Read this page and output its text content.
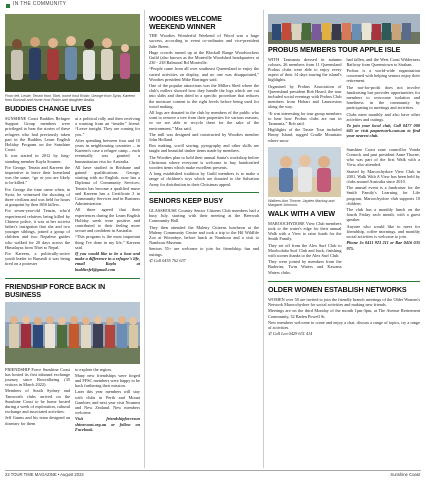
IN THE COMMUNITY
From left, Leslie, Tenzin from Tibet, home host Robin, George from Syria, Kareem from Burundi and home host Robin and daughter Analia.
BUDDIES CHANGE LIVES

SUNSHINE Coast Buddies Refugee Support Group members were privileged to hear the stories of these refugees who had previously taken part in the Buddies Learn English Holiday Program on the Sunshine Coast.

It was started in 2012 by long-standing member Kayla Sourner.

For George, Tenzin and Kareem the imperative to leave their homeland was the same, “go or you are likely to be killed.”

For George the time came when, in Syria, he witnessed the shooting of three civilians and was held for hours at gunpoint by then ISIS killers.

For seven-year-old Tenzin, who'd experienced relatives being killed by Chinese police, it was at her activist father's instigation that she and two younger siblings, joined a group of children and two Nepalese guides who walked for 20 days across the Himalayas from Tibet to Nepal.

For Kareem, a politically-active youth leader in Burundi it was being tired on a protester

at a political rally and then receiving a warning from an “insider” friend: “Leave tonight. They are coming for you.”

After spending between four and 10 years in neighbouring countries – in Kareem's case a refugee camp – each eventually was granted a humanitarian visa for Australia.

All have studied in Brisbane and gained qualifications. George, starting with no English, now has a Diploma of Community Services; Tenzin has become a qualified nurse and Kareem has a Certificate 3 in Community Services and in Business Administration.

All three agreed that their experiences during the Learn English Holiday week were positive and contributed to their feeling more secure and confident in Australia.

“This program is the most important thing I've done in my life,” Kareem said.

If you would like to be a host and make a difference in a refugee's life, email Kayla at buddiesfel@gmail.com

FRIENDSHIP FORCE BACK IN BUSINESS

FRIENDSHIP Force Sunshine Coast has hosted its first inbound exchange journey since Bowralbeing (35 visitors in March 2022).

Members of South Sydney and Tamworth clubs arrived on the Sunshine Coast to be home hosted during a week of exploration, cultural exchange and associated activities.

Jeff Gunns and his team designed an itinerary for them

to explore the region.

Many new friendships were forged and FFSC members were happy to be back furthering their mission.

Later this year members will stay with clubs in Perth and Mount Gambier, and next year visit Noumea and New Zealand. New members welcome.

Visit friendshipforcesun shinecoast.org.au or follow on Facebook.

WOODIES WELCOME WEEKEND WINNER

THE Woodies Wonderful Weekend of Wood was a huge success, according to event co-ordinator and vice-president Julie Breen.

Huge crowds turned up at the Blackall Range Woodworkers Guild (also known as the Montville Woodshed headquarters at 230 - 238 Balmoral Rd Montville.

“People came from all over southeast Queensland to enjoy the varied activities on display, and no one was disappointed,” Woodies president Mike Barringer said.

One of the popular attractions was the Millers Shed where the club's millers showed how they handle the logs which are cut into slabs and then dried in a specific procedure that reduces the moisture content to the right levels before being used for wood making.

All logs are donated to the club by members of the public who want to remove a tree from their properties for various reasons, so we are able to recycle these for the sake of the environment,” Max said.

The mill was designed and constructed by Woodies member John Holland.

Box making, scroll sawing, pyrography and other skills are taught and beautiful timber items made by members.

The Woodies plan to hold their annual Santa's workshop before Christmas where everyone is welcome to buy handcrafted wooden items which make excellent presents.

A long established tradition by Guild members is to make a range of children's toys which are donated to the Salvation Army for distribution in their Christmas appeal.

SENIORS KEEP BUSY

GLASSHOUSE Country Senior Citizens Club members had a busy July, starting with their meeting at the Beerwah Community Hall.

They then attended the Maleny Citizens luncheon at the Maleny Community Centre and took a trip to the Hil Wildlife Zoo at Woombye, before lunch at Nambour and a visit to Nambour Museum.

Seniors 55+ are welcome to join for friendship, fun and outings.

✆ Call 0455 762 637

PROBUS MEMBERS TOUR APPLE ISLE

WITH Tasmania dressed in autumn colours, 26 members from 11 Queensland Probus clubs were able to enjoy every aspect of their 14 days touring the island's highlights.

Organised by Probus Association of Queensland president Bob Heard, the tour included social evenings with Probus Club members from Hobart and Launceston along the way.

“It was interesting for tour group members to hear how Probus clubs are run in Tasmania,” Bob said.

Highlights of the Tassie Tour included Bruny Island, rugged Cradle Mountain where snow

had fallen, and the West Coast Wilderness Railway from Queenstown to Strahan.

Probus is a world-wide organisation concerned with helping seniors enjoy their retirement.

The not-for-profit does not involve fundraising but provides opportunities for members to overcome isolation and loneliness in the community by participating in meetings and activities.

Clubs meet monthly and also have other activities and outings.

To join your local club, Call 0477 000 645 or visit paqnetwork.com.au to find your nearest club.

Walkers Ann Thorne, Jayden Mackay and Margaret Johnson.
WALK WITH A VIEW

MAROOCHYDORE View Club members took to the water's edge for their annual Walk with a View to raise funds for the Smith Family.

They set off from the Alex Surf Club to Mooloolaba Surf Club and back, finishing with scones thanks to the Alex Surf Club.

They were joined by members from the Buderim, Twin Waters and Kawana Waters clubs.

Sunshine Coast zone councillor Vonda Cornock and past president Anne Thorne, who was part of the first Walk with a View, also attended.

Started by Maroochydore View Club in 2001, Walk With A View has been held by clubs around Australia since 2010.

The annual event is a fundraiser for the Smith Family's Learning for Life program, Maroochydore club supports 10 children.

The club has a monthly lunch on the fourth Friday each month, with a guest speaker.

Anyone who would like to meet for friendship, coffee mornings, and monthly social activities is welcome to join.

Phone Jo 0411 923 211 or Rae 0416 035 975.

OLDER WOMEN ESTABLISH NETWORKS

WOMEN over 50 are invited to join the friendly branch meetings of the Older Women's Network Maroochydore for social activities and making new friends.

Meetings are on the third Monday of the month 1pm-3pm, at The Avenue Retirement Community, 32 Baden Powell St.

New members welcome to come and enjoy a chat, discuss a range of topics, try a range of activities.

✆ Call Lea 0429 631 414

22 TOUR TIME MAGAZINE • August 2022	Sunshine Coast
